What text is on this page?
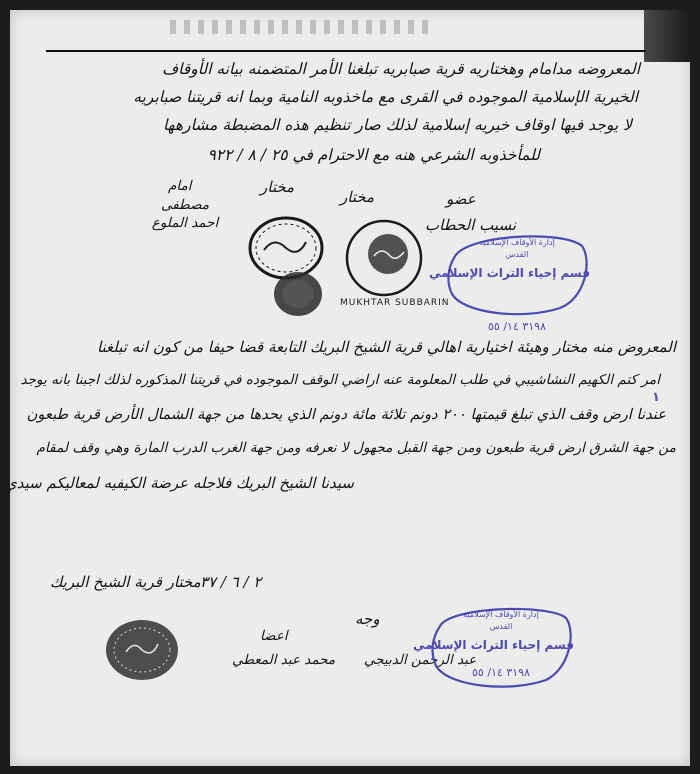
المعروضه مدامام وهختاريه قرية صبابريه تبلغنا الأمر المتضمنه بيانه الأوقاف
الخيرية الإسلامية الموجوده في القرى مع ماخذوبه النامية وبما انه قريتنا صبابريه
لا يوجد فيها اوقاف خيريه إسلامية لذلك صار تنظيم هذه المضبطة مشارهها
للمأخذوبه الشرعي هنه مع الاحترام في ٢٥ / ٨ / ٩٢٢
امام
مصطفى احمد الملوع
مختار
مختار	عضو
نسيب الحطاب
MUKHTAR SUBBARIN
إدارة الأوقاف الإسلامية
القدس
قسم إحياء التراث الإسلامي
٣١٩٨ ١٤/ ٥٥
المعروض منه مختار وهيئة اختيارية اهالي قرية الشيخ البريك التابعة قضا حيفا من كون انه تبلغنا
امر كتم الكهيم النشاشيبي في طلب المعلومة عنه اراضي الوقف الموجوده في قريتنا المذكوره لذلك اجبنا بانه يوجد
عندنا ارض وقف الذي تبلغ قيمتها ٢٠٠ دونم تلائة مائة دونم الذي يحدها من جهة الشمال الأرض قرية طبعون
من جهة الشرق ارض قرية طبعون ومن جهة القبل مجهول لا نعرفه ومن جهة الغرب الدرب المارة وهي وقف لمقام
سيدنا الشيخ البريك فلاجله عرضة الكيفيه لمعاليكم سيدي
١
٢ / ٦ / ٣٧
مختار قرية الشيخ البريك
وجه
اعضا
عبد الرحمن الدبيجي
محمد عبد المعطي
إدارة الأوقاف الإسلامية
القدس
قسم إحياء التراث الإسلامي
٣١٩٨ ١٤/ ٥٥
